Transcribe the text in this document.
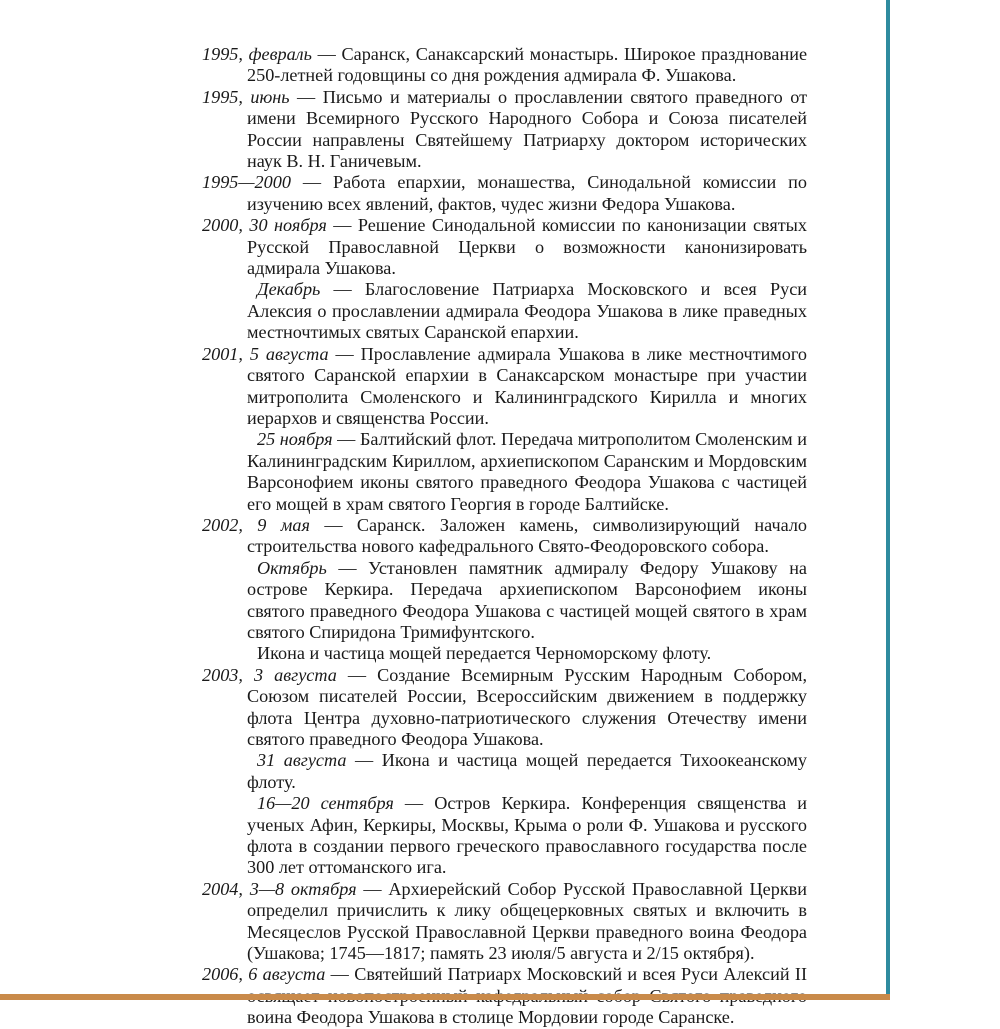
1995, февраль — Саранск, Санаксарский монастырь. Широкое празднование 250-летней годовщины со дня рождения адмирала Ф. Ушакова.

1995, июнь — Письмо и материалы о прославлении святого праведного от имени Всемирного Русского Народного Собора и Союза писателей России направлены Святейшему Патриарху доктором исторических наук В. Н. Ганичевым.

1995—2000 — Работа епархии, монашества, Синодальной комиссии по изучению всех явлений, фактов, чудес жизни Федора Ушакова.

2000, 30 ноября — Решение Синодальной комиссии по канонизации святых Русской Православной Церкви о возможности канонизировать адмирала Ушакова.

Декабрь — Благословение Патриарха Московского и всея Руси Алексия о прославлении адмирала Феодора Ушакова в лике праведных местночтимых святых Саранской епархии.

2001, 5 августа — Прославление адмирала Ушакова в лике местночтимого святого Саранской епархии в Санаксарском монастыре при участии митрополита Смоленского и Калининградского Кирилла и многих иерархов и священства России.

25 ноября — Балтийский флот. Передача митрополитом Смоленским и Калининградским Кириллом, архиепископом Саранским и Мордовским Варсонофием иконы святого праведного Феодора Ушакова с частицей его мощей в храм святого Георгия в городе Балтийске.

2002, 9 мая — Саранск. Заложен камень, символизирующий начало строительства нового кафедрального Свято-Феодоровского собора.

Октябрь — Установлен памятник адмиралу Федору Ушакову на острове Керкира. Передача архиепископом Варсонофием иконы святого праведного Феодора Ушакова с частицей мощей святого в храм святого Спиридона Тримифунтского.

Икона и частица мощей передается Черноморскому флоту.

2003, 3 августа — Создание Всемирным Русским Народным Собором, Союзом писателей России, Всероссийским движением в поддержку флота Центра духовно-патриотического служения Отечеству имени святого праведного Феодора Ушакова.

31 августа — Икона и частица мощей передается Тихоокеанскому флоту.

16—20 сентября — Остров Керкира. Конференция священства и ученых Афин, Керкиры, Москвы, Крыма о роли Ф. Ушакова и русского флота в создании первого греческого православного государства после 300 лет оттоманского ига.

2004, 3—8 октября — Архиерейский Собор Русской Православной Церкви определил причислить к лику общецерковных святых и включить в Месяцеслов Русской Православной Церкви праведного воина Феодора (Ушакова; 1745—1817; память 23 июля/5 августа и 2/15 октября).

2006, 6 августа — Святейший Патриарх Московский и всея Руси Алексий II воина Феодора Ушакова в столице Мордовии городе Саранске.
